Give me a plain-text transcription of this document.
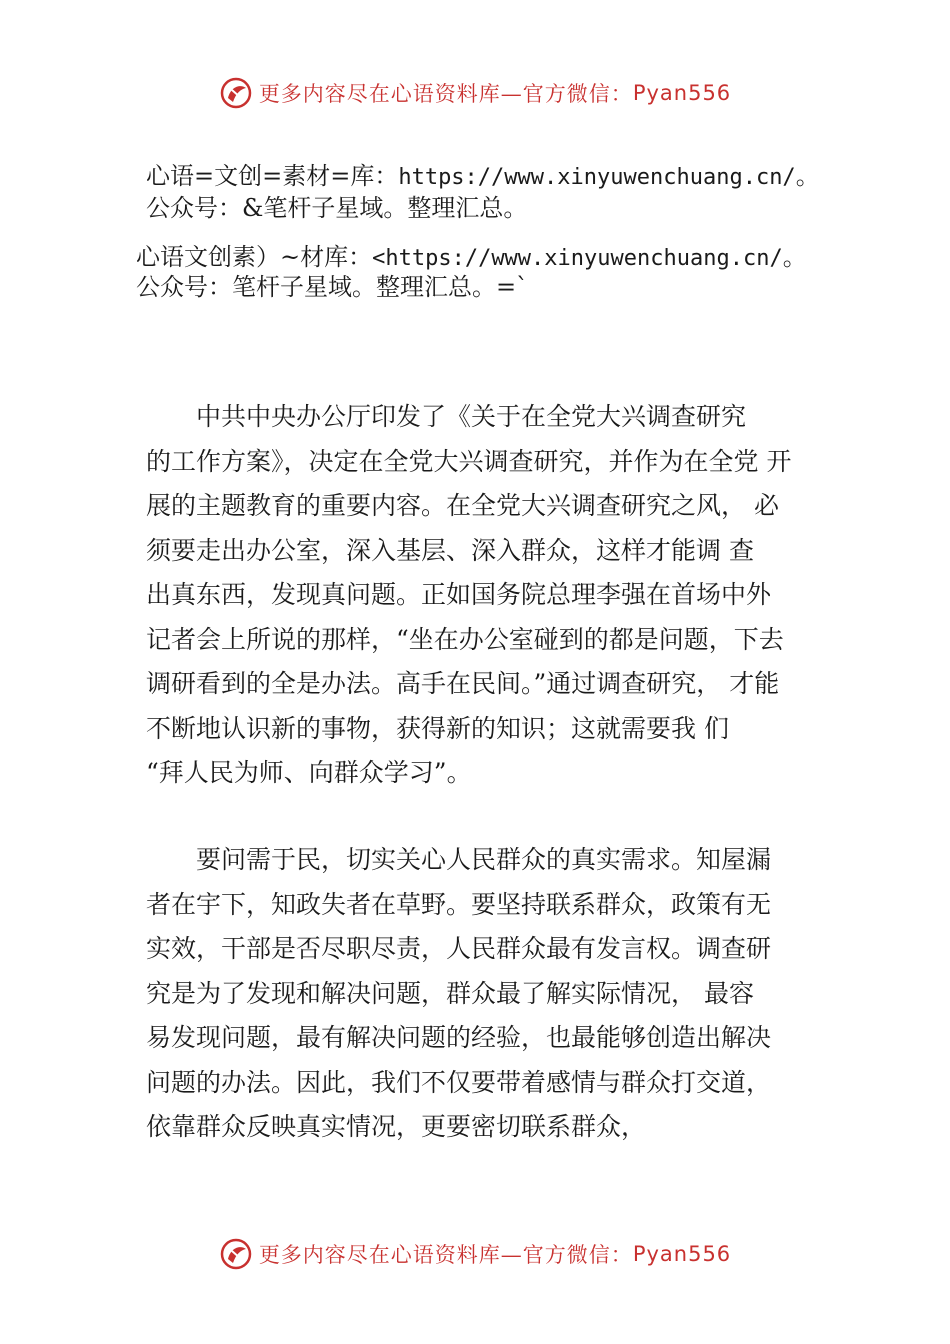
更多内容尽在心语资料库—官方微信： Pyan556
心语=文创=素材=库：https://www.xinyuwenchuang.cn/。
公众号：&笔杆子星域。整理汇总。
心语文创素）~材库：<https://www.xinyuwenchuang.cn/。
公众号：笔杆子星域。整理汇总。=`
　　中共中央办公厅印发了《关于在全党大兴调查研究
的工作方案》，决定在全党大兴调查研究，并作为在全党 开
展的主题教育的重要内容。在全党大兴调查研究之风， 必
须要走出办公室，深入基层、深入群众，这样才能调 查
出真东西，发现真问题。正如国务院总理李强在首场中外
记者会上所说的那样，“坐在办公室碰到的都是问题，下去
调研看到的全是办法。高手在民间。”通过调查研究， 才能
不断地认识新的事物，获得新的知识；这就需要我 们
“拜人民为师、向群众学习”。
　　要问需于民，切实关心人民群众的真实需求。知屋漏
者在宇下，知政失者在草野。要坚持联系群众，政策有无
实效，干部是否尽职尽责，人民群众最有发言权。调查研
究是为了发现和解决问题，群众最了解实际情况， 最容
易发现问题，最有解决问题的经验，也最能够创造出解决
问题的办法。因此，我们不仅要带着感情与群众打交道，
依靠群众反映真实情况，更要密切联系群众，
更多内容尽在心语资料库—官方微信： Pyan556
